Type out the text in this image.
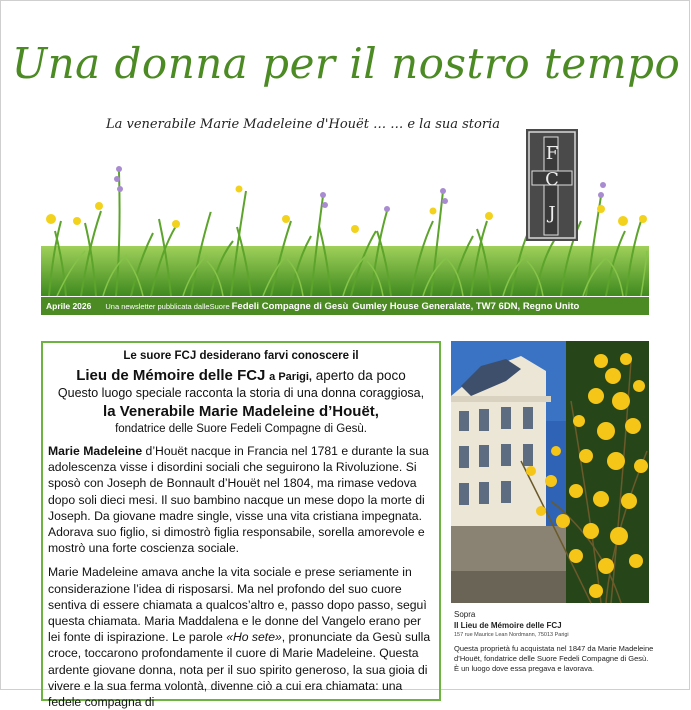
Una donna per il nostro tempo
La venerabile Marie Madeleine d'Houët … … e la sua storia
F
C
J
Aprile 2026 Una newsletter pubblicata dalleSuore Fedeli Compagne di Gesù Gumley House Generalate, TW7 6DN, Regno Unito
Le suore FCJ desiderano farvi conoscere il
Lieu de Mémoire delle FCJ a Parigi, aperto da poco
Questo luogo speciale racconta la storia di una donna coraggiosa,
la Venerabile Marie Madeleine d’Houët,
fondatrice delle Suore Fedeli Compagne di Gesù.

Marie Madeleine d’Houët nacque in Francia nel 1781 e durante la sua adolescenza visse i disordini sociali che seguirono la Rivoluzione. Si sposò con Joseph de Bonnault d’Houët nel 1804, ma rimase vedova dopo soli dieci mesi. Il suo bambino nacque un mese dopo la morte di Joseph. Da giovane madre single, visse una vita cristiana impegnata. Adorava suo figlio, si dimostrò figlia responsabile, sorella amorevole e mostrò una forte coscienza sociale.

Marie Madeleine amava anche la vita sociale e prese seriamente in considerazione l’idea di risposarsi. Ma nel profondo del suo cuore sentiva di essere chiamata a qualcos’altro e, passo dopo passo, seguì questa chiamata. Maria Maddalena e le donne del Vangelo erano per lei fonte di ispirazione. Le parole «Ho sete», pronunciate da Gesù sulla croce, toccarono profondamente il cuore di Marie Madeleine. Questa ardente giovane donna, nota per il suo spirito generoso, la sua gioia di vivere e la sua ferma volontà, divenne ciò a cui era chiamata: una fedele compagna di

Sopra
Il Lieu de Mémoire delle FCJ
157 rue Maurice Lean Nordmann, 75013 Parigi
Questa proprietà fu acquistata nel 1847 da Marie Madeleine d’Houët, fondatrice delle Suore Fedeli Compagne di Gesù. È un luogo dove essa pregava e lavorava.
